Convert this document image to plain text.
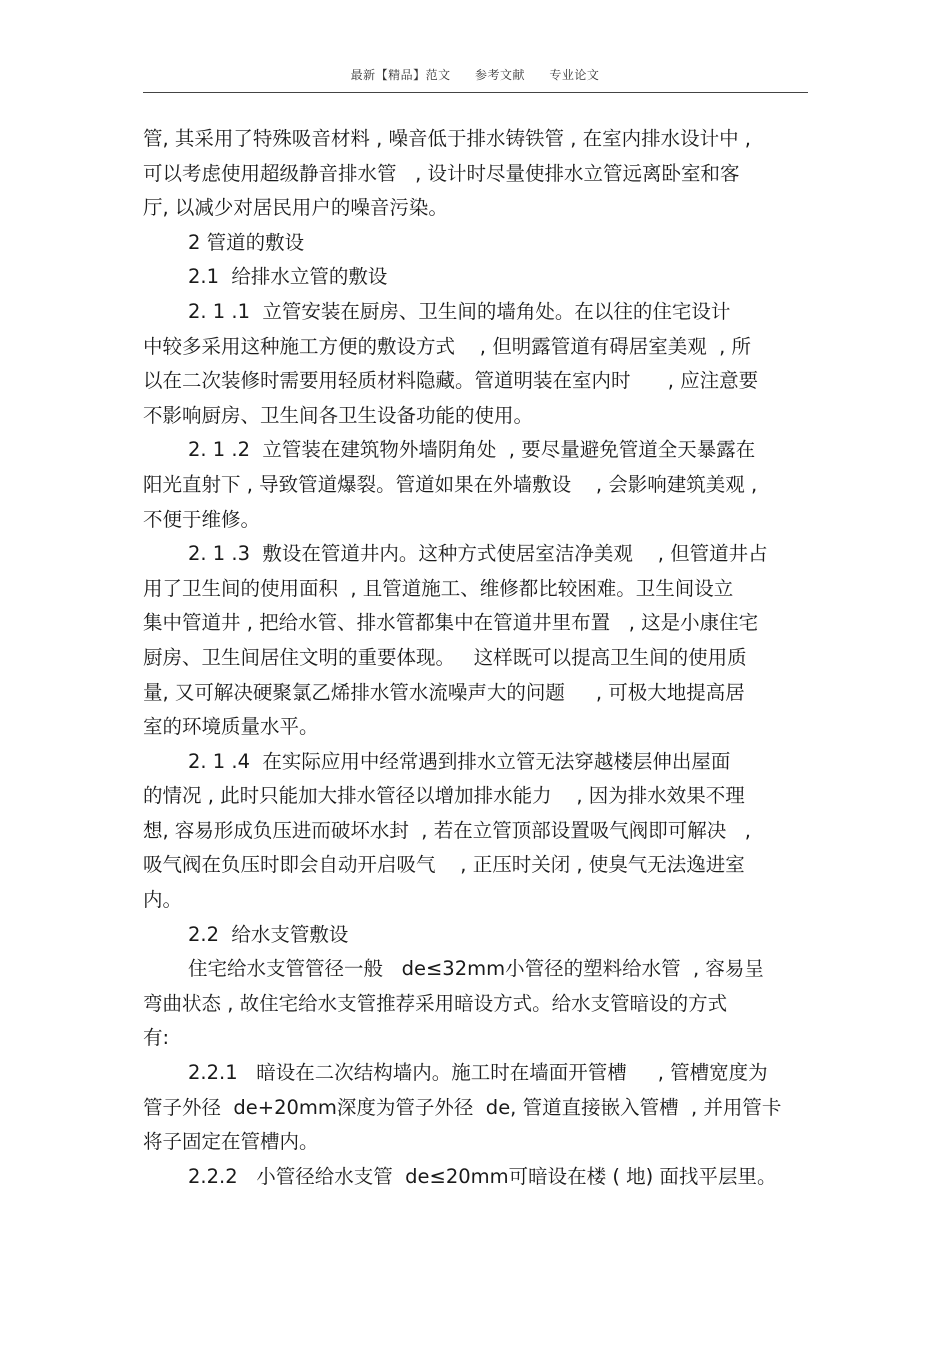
最新【精品】范文 参考文献 专业论文
管, 其采用了特殊吸音材料 , 噪音低于排水铸铁管 , 在室内排水设计中 ,
可以考虑使用超级静音排水管   , 设计时尽量使排水立管远离卧室和客
厅, 以减少对居民用户的噪音污染。
2 管道的敷设
2.1  给排水立管的敷设
2. 1 .1  立管安装在厨房、卫生间的墙角处。在以往的住宅设计
中较多采用这种施工方便的敷设方式    , 但明露管道有碍居室美观  , 所
以在二次装修时需要用轻质材料隐藏。管道明装在室内时      , 应注意要
不影响厨房、卫生间各卫生设备功能的使用。
2. 1 .2  立管装在建筑物外墙阴角处  , 要尽量避免管道全天暴露在
阳光直射下 , 导致管道爆裂。管道如果在外墙敷设    , 会影响建筑美观 ,
不便于维修。
2. 1 .3  敷设在管道井内。这种方式使居室洁净美观    , 但管道井占
用了卫生间的使用面积  , 且管道施工、维修都比较困难。卫生间设立
集中管道井 , 把给水管、排水管都集中在管道井里布置   , 这是小康住宅
厨房、卫生间居住文明的重要体现。   这样既可以提高卫生间的使用质
量, 又可解决硬聚氯乙烯排水管水流噪声大的问题     , 可极大地提高居
室的环境质量水平。
2. 1 .4  在实际应用中经常遇到排水立管无法穿越楼层伸出屋面
的情况 , 此时只能加大排水管径以增加排水能力    , 因为排水效果不理
想, 容易形成负压进而破坏水封  , 若在立管顶部设置吸气阀即可解决   ,
吸气阀在负压时即会自动开启吸气    , 正压时关闭 , 使臭气无法逸进室
内。
2.2  给水支管敷设
住宅给水支管管径一般   de≤32mm小管径的塑料给水管  , 容易呈
弯曲状态 , 故住宅给水支管推荐采用暗设方式。给水支管暗设的方式
有:
2.2.1   暗设在二次结构墙内。施工时在墙面开管槽     , 管槽宽度为
管子外径  de+20mm深度为管子外径  de, 管道直接嵌入管槽  , 并用管卡
将子固定在管槽内。
2.2.2   小管径给水支管  de≤20mm可暗设在楼 ( 地) 面找平层里。
